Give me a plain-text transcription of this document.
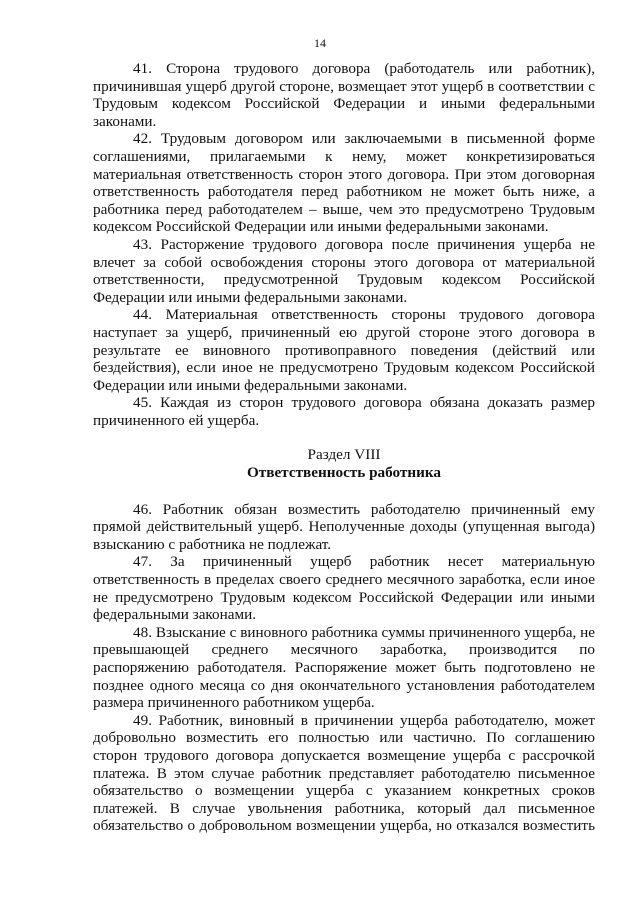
14

41. Сторона трудового договора (работодатель или работник), причинившая ущерб другой стороне, возмещает этот ущерб в соответствии с Трудовым кодексом Российской Федерации и иными федеральными законами.

42. Трудовым договором или заключаемыми в письменной форме соглашениями, прилагаемыми к нему, может конкретизироваться материальная ответственность сторон этого договора. При этом договорная ответственность работодателя перед работником не может быть ниже, а работника перед работодателем – выше, чем это предусмотрено Трудовым кодексом Российской Федерации или иными федеральными законами.

43. Расторжение трудового договора после причинения ущерба не влечет за собой освобождения стороны этого договора от материальной ответственности, предусмотренной Трудовым кодексом Российской Федерации или иными федеральными законами.

44. Материальная ответственность стороны трудового договора наступает за ущерб, причиненный ею другой стороне этого договора в результате ее виновного противоправного поведения (действий или бездействия), если иное не предусмотрено Трудовым кодексом Российской Федерации или иными федеральными законами.

45. Каждая из сторон трудового договора обязана доказать размер причиненного ей ущерба.

Раздел VIII
Ответственность работника

46. Работник обязан возместить работодателю причиненный ему прямой действительный ущерб. Неполученные доходы (упущенная выгода) взысканию с работника не подлежат.

47. За причиненный ущерб работник несет материальную ответственность в пределах своего среднего месячного заработка, если иное не предусмотрено Трудовым кодексом Российской Федерации или иными федеральными законами.

48. Взыскание с виновного работника суммы причиненного ущерба, не превышающей среднего месячного заработка, производится по распоряжению работодателя. Распоряжение может быть подготовлено не позднее одного месяца со дня окончательного установления работодателем размера причиненного работником ущерба.

49. Работник, виновный в причинении ущерба работодателю, может добровольно возместить его полностью или частично. По соглашению сторон трудового договора допускается возмещение ущерба с рассрочкой платежа. В этом случае работник представляет работодателю письменное обязательство о возмещении ущерба с указанием конкретных сроков платежей. В случае увольнения работника, который дал письменное обязательство о добровольном возмещении ущерба, но отказался возместить
